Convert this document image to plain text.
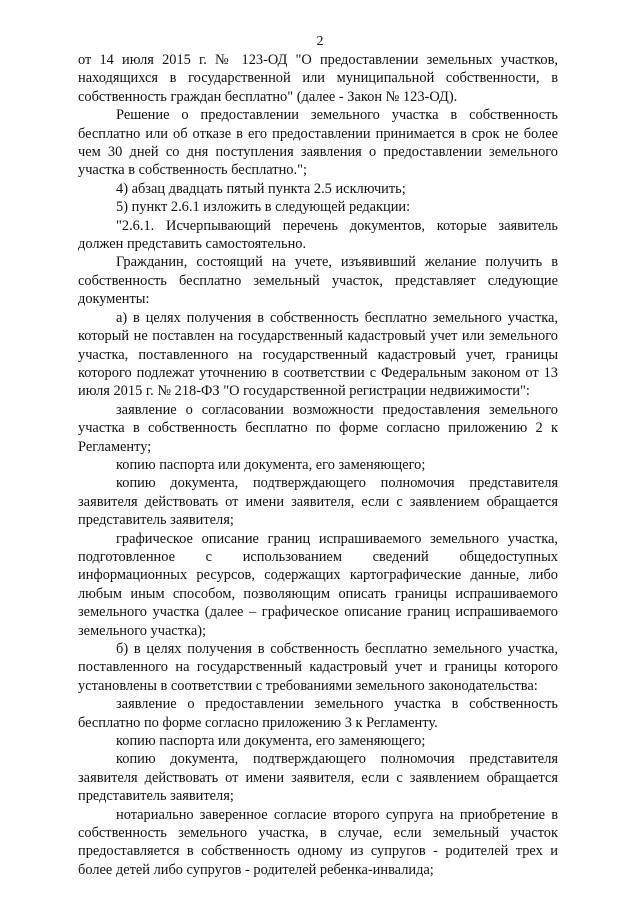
2

от 14 июля 2015 г. № 123-ОД "О предоставлении земельных участков, находящихся в государственной или муниципальной собственности, в собственность граждан бесплатно" (далее - Закон № 123-ОД).

Решение о предоставлении земельного участка в собственность бесплатно или об отказе в его предоставлении принимается в срок не более чем 30 дней со дня поступления заявления о предоставлении земельного участка в собственность бесплатно.";

4) абзац двадцать пятый пункта 2.5 исключить;

5) пункт 2.6.1 изложить в следующей редакции:

"2.6.1. Исчерпывающий перечень документов, которые заявитель должен представить самостоятельно.

Гражданин, состоящий на учете, изъявивший желание получить в собственность бесплатно земельный участок, представляет следующие документы:

а) в целях получения в собственность бесплатно земельного участка, который не поставлен на государственный кадастровый учет или земельного участка, поставленного на государственный кадастровый учет, границы которого подлежат уточнению в соответствии с Федеральным законом от 13 июля 2015 г. № 218-ФЗ "О государственной регистрации недвижимости":

заявление о согласовании возможности предоставления земельного участка в собственность бесплатно по форме согласно приложению 2 к Регламенту;

копию паспорта или документа, его заменяющего;

копию документа, подтверждающего полномочия представителя заявителя действовать от имени заявителя, если с заявлением обращается представитель заявителя;

графическое описание границ испрашиваемого земельного участка, подготовленное с использованием сведений общедоступных информационных ресурсов, содержащих картографические данные, либо любым иным способом, позволяющим описать границы испрашиваемого земельного участка (далее – графическое описание границ испрашиваемого земельного участка);

б) в целях получения в собственность бесплатно земельного участка, поставленного на государственный кадастровый учет и границы которого установлены в соответствии с требованиями земельного законодательства:

заявление о предоставлении земельного участка в собственность бесплатно по форме согласно приложению 3 к Регламенту.

копию паспорта или документа, его заменяющего;

копию документа, подтверждающего полномочия представителя заявителя действовать от имени заявителя, если с заявлением обращается представитель заявителя;

нотариально заверенное согласие второго супруга на приобретение в собственность земельного участка, в случае, если земельный участок предоставляется в собственность одному из супругов - родителей трех и более детей либо супругов - родителей ребенка-инвалида;
